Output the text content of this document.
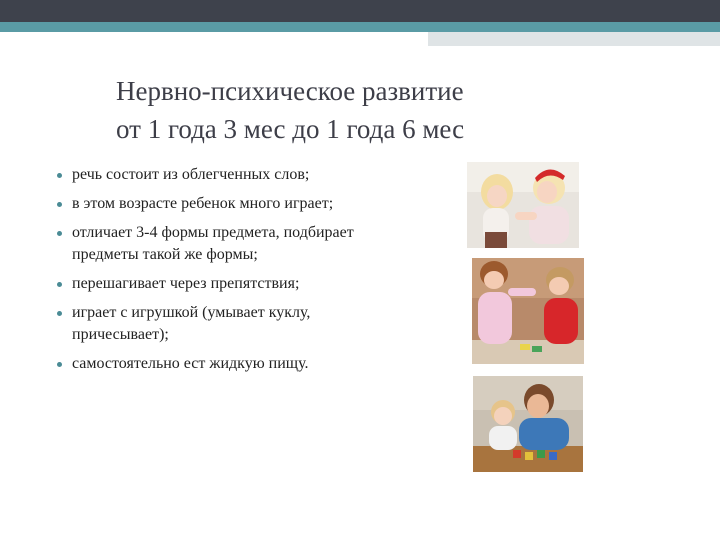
Нервно-психическое развитие
от 1 года 3 мес до 1 года 6 мес
речь состоит из облегченных слов;
в этом возрасте ребенок много играет;
отличает 3-4 формы предмета, подбирает предметы такой же формы;
перешагивает через препятствия;
играет с игрушкой (умывает куклу, причесывает);
самостоятельно ест жидкую пищу.
